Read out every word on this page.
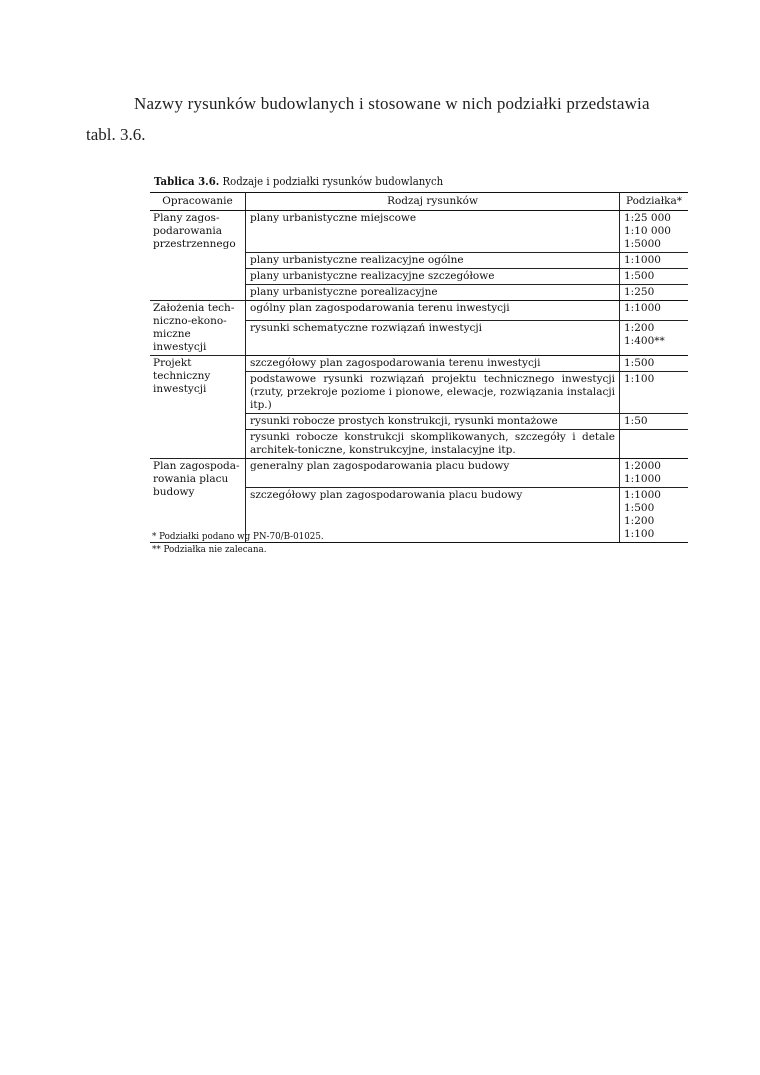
Nazwy rysunków budowlanych i stosowane w nich podziałki przedstawia
tabl. 3.6.
Tablica 3.6. Rodzaje i podziałki rysunków budowlanych
Opracowanie	Rodzaj rysunków	Podziałka*
Plany zagos-
podarowania
przestrzennego	plany urbanistyczne miejscowe	1:25 000
1:10 000
1:5000

	plany urbanistyczne realizacyjne ogólne	1:1000

	plany urbanistyczne realizacyjne szczegółowe	1:500

	plany urbanistyczne porealizacyjne	1:250

Założenia tech-
niczno-ekono-
miczne inwestycji	ogólny plan zagospodarowania terenu inwestycji	1:1000

	rysunki schematyczne rozwiązań inwestycji	1:200
1:400**

Projekt techniczny
inwestycji	szczegółowy plan zagospodarowania terenu inwestycji	1:500

	podstawowe rysunki rozwiązań projektu technicznego inwestycji (rzuty, przekroje poziome i pionowe, elewacje, rozwiązania instalacji itp.)	1:100

	rysunki robocze prostych konstrukcji, rysunki montażowe	1:50

	rysunki robocze konstrukcji skomplikowanych, szczegóły i detale architek-toniczne, konstrukcyjne, instalacyjne itp.	
Plan zagospoda-
rowania placu
budowy	generalny plan zagospodarowania placu budowy	1:2000
1:1000

	szczegółowy plan zagospodarowania placu budowy	1:1000
1:500
1:200
1:100
* Podziałki podano wg PN-70/B-01025.
** Podziałka nie zalecana.
